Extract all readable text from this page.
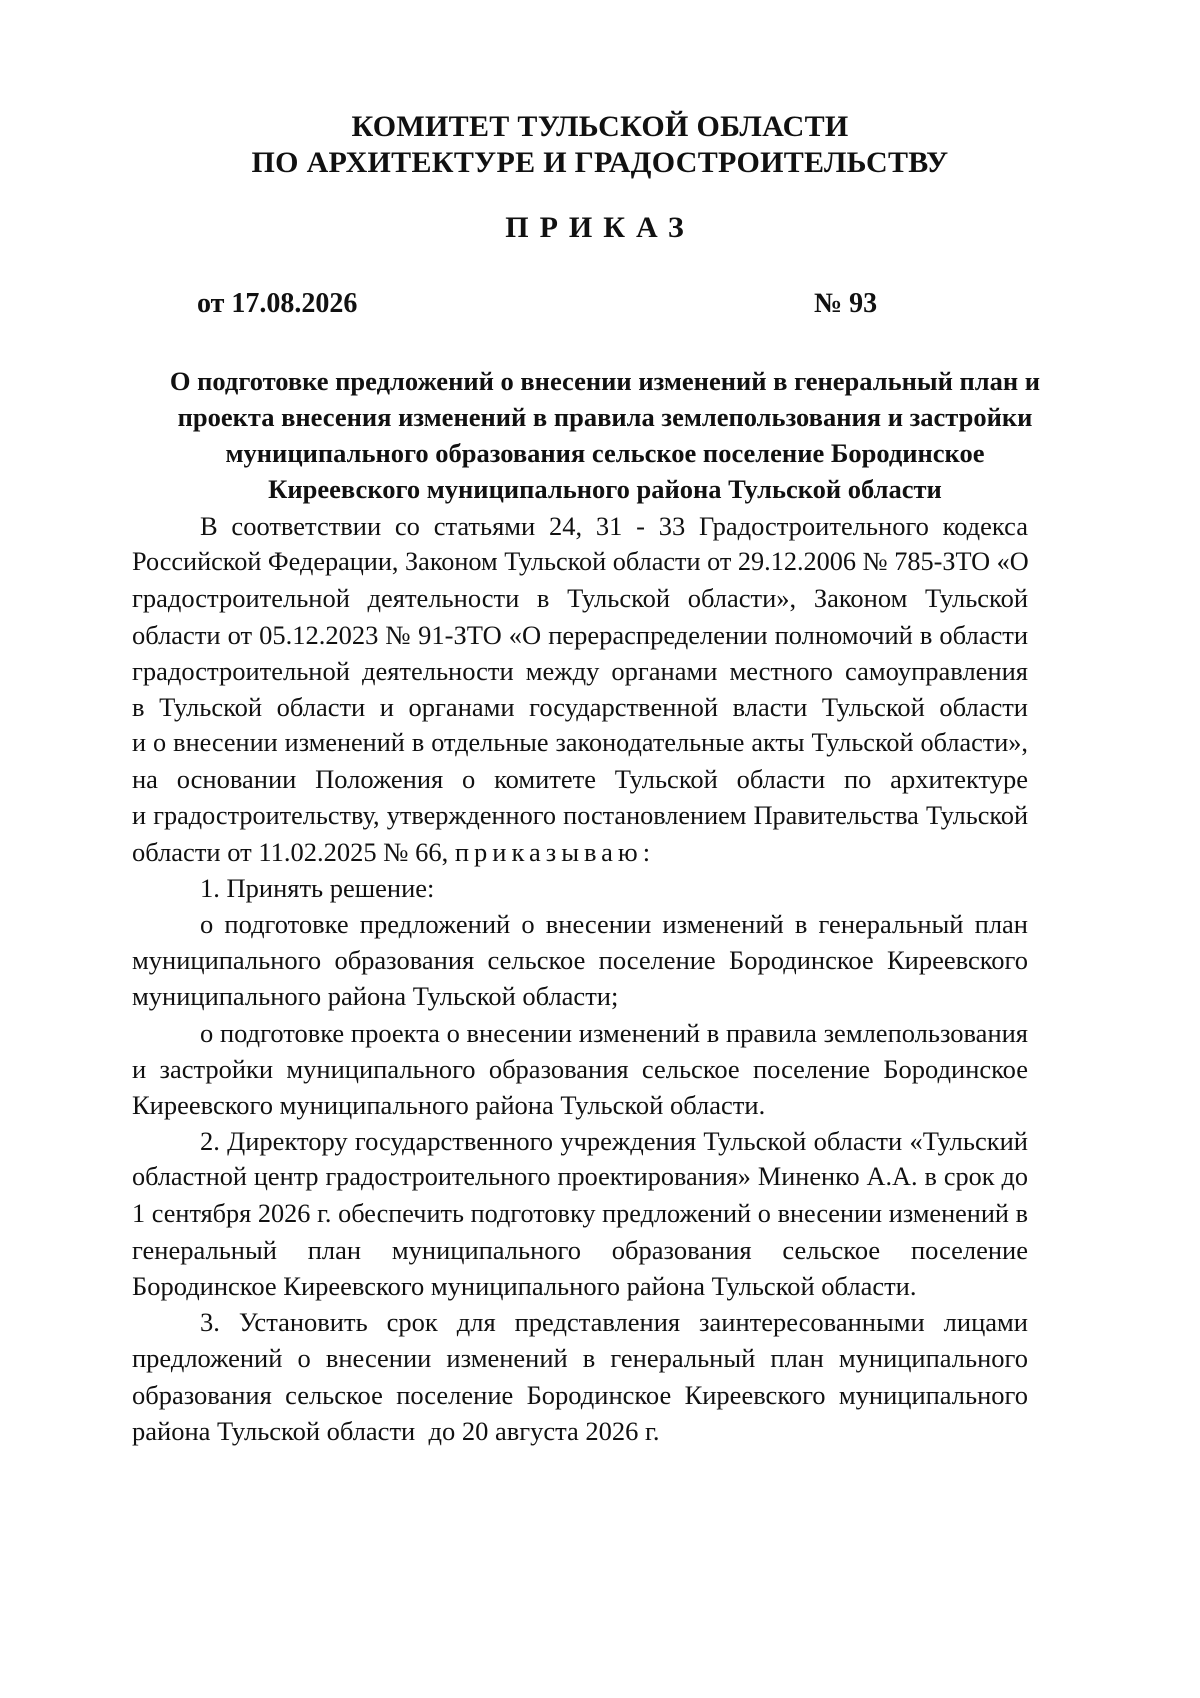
КОМИТЕТ ТУЛЬСКОЙ ОБЛАСТИ
ПО АРХИТЕКТУРЕ И ГРАДОСТРОИТЕЛЬСТВУ
ПРИКАЗ
от 17.08.2026	№ 93
О подготовке предложений о внесении изменений в генеральный план и
проекта внесения изменений в правила землепользования и застройки
муниципального образования сельское поселение Бородинское
Киреевского муниципального района Тульской области
В соответствии со статьями 24, 31 - 33 Градостроительного кодекса
Российской Федерации, Законом Тульской области от 29.12.2006 № 785-ЗТО «О
градостроительной деятельности в Тульской области», Законом Тульской
области от 05.12.2023 № 91-ЗТО «О перераспределении полномочий в области
градостроительной деятельности между органами местного самоуправления
в Тульской области и органами государственной власти Тульской области
и о внесении изменений в отдельные законодательные акты Тульской области»,
на основании Положения о комитете Тульской области по архитектуре
и градостроительству, утвержденного постановлением Правительства Тульской
области от 11.02.2025 № 66, приказываю:
1. Принять решение:
о подготовке предложений о внесении изменений в генеральный план
муниципального образования сельское поселение Бородинское Киреевского
муниципального района Тульской области;
о подготовке проекта о внесении изменений в правила землепользования
и застройки муниципального образования сельское поселение Бородинское
Киреевского муниципального района Тульской области.
2. Директору государственного учреждения Тульской области «Тульский
областной центр градостроительного проектирования» Миненко А.А. в срок до
1 сентября 2026 г. обеспечить подготовку предложений о внесении изменений в
генеральный план муниципального образования сельское поселение
Бородинское Киреевского муниципального района Тульской области.
3. Установить срок для представления заинтересованными лицами
предложений о внесении изменений в генеральный план муниципального
образования сельское поселение Бородинское Киреевского муниципального
района Тульской области  до 20 августа 2026 г.
